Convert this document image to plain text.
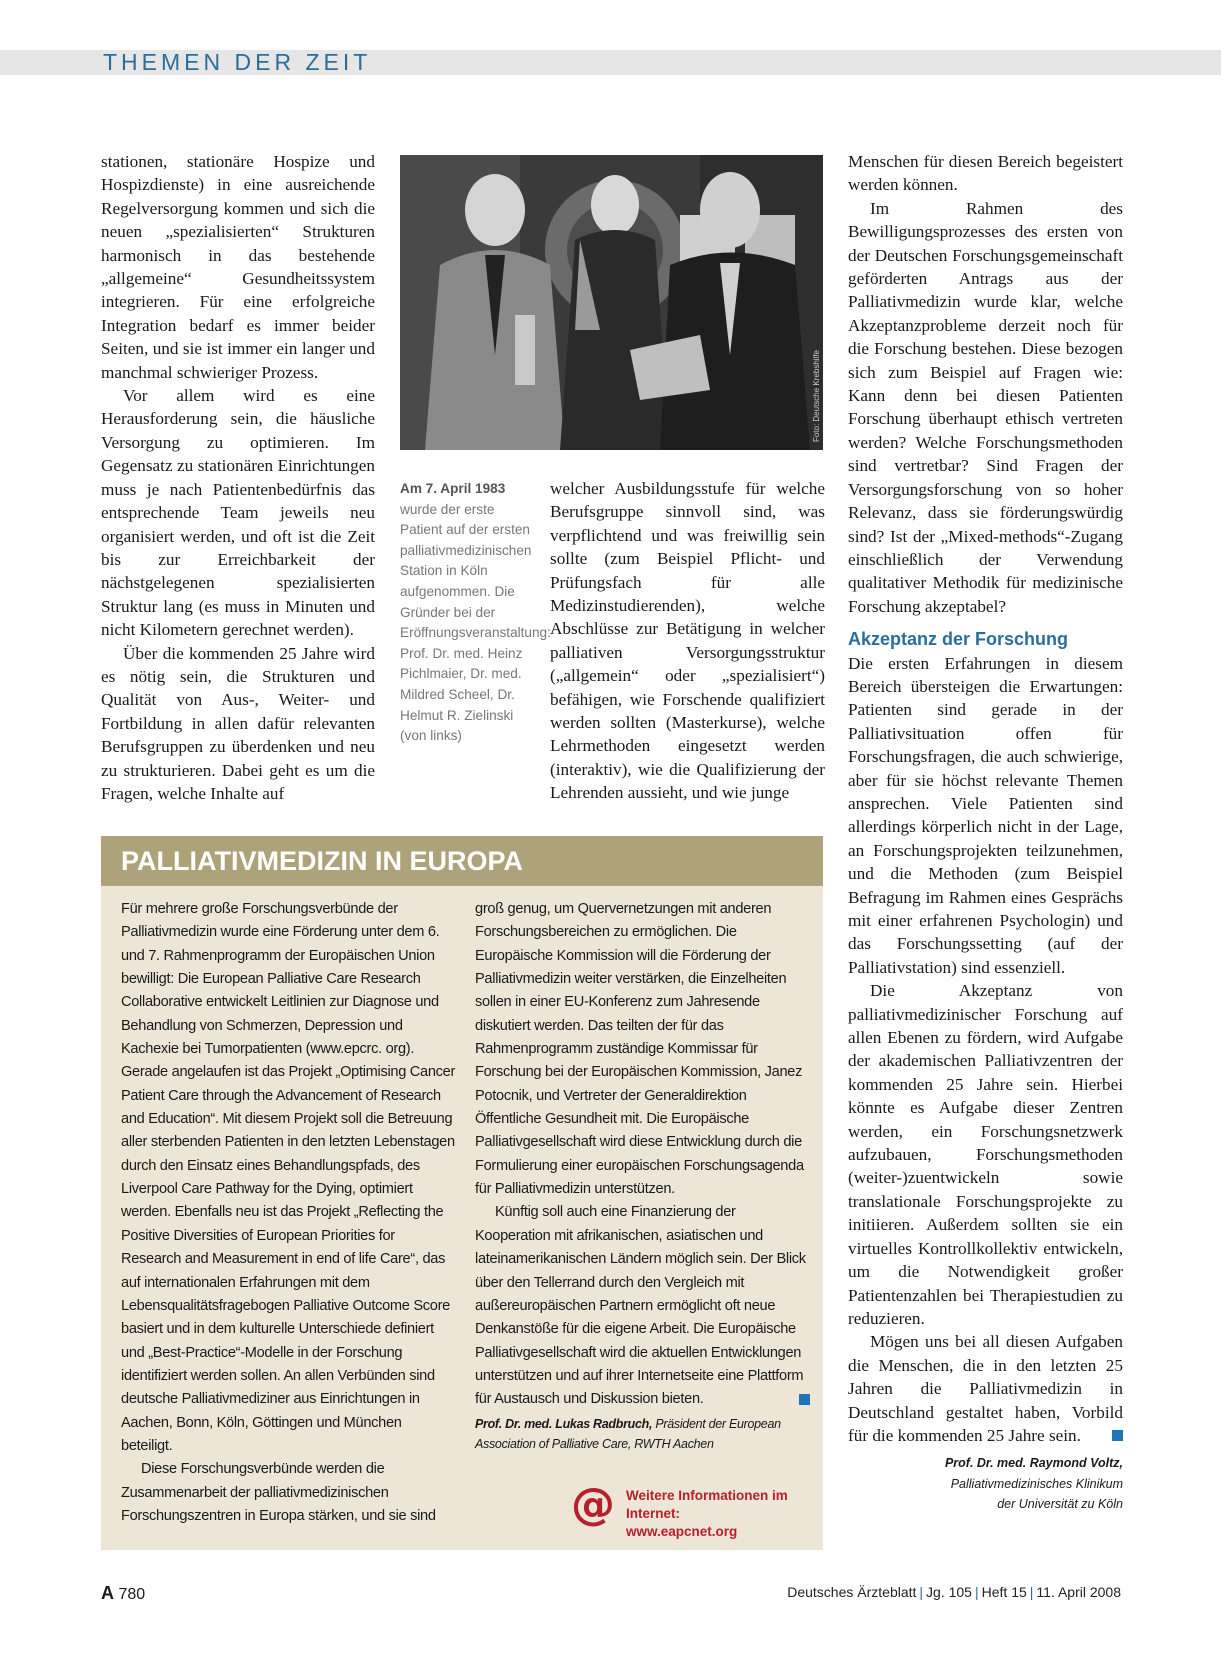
THEMEN DER ZEIT

stationen, stationäre Hospize und Hospizdienste) in eine ausreichende Regelversorgung kommen und sich die neuen „spezialisierten“ Strukturen harmonisch in das bestehende „allgemeine“ Gesundheitssystem integrieren. Für eine erfolgreiche Integration bedarf es immer beider Seiten, und sie ist immer ein langer und manchmal schwieriger Prozess.

Vor allem wird es eine Herausforderung sein, die häusliche Versorgung zu optimieren. Im Gegensatz zu stationären Einrichtungen muss je nach Patientenbedürfnis das entsprechende Team jeweils neu organisiert werden, und oft ist die Zeit bis zur Erreichbarkeit der nächstgelegenen spezialisierten Struktur lang (es muss in Minuten und nicht Kilometern gerechnet werden).

Über die kommenden 25 Jahre wird es nötig sein, die Strukturen und Qualität von Aus-, Weiter- und Fortbildung in allen dafür relevanten Berufsgruppen zu überdenken und neu zu strukturieren. Dabei geht es um die Fragen, welche Inhalte auf

Foto: Deutsche Krebshilfe
Am 7. April 1983 wurde der erste Patient auf der ersten palliativmedizinischen Station in Köln aufgenommen. Die Gründer bei der Eröffnungsveranstaltung: Prof. Dr. med. Heinz Pichlmaier, Dr. med. Mildred Scheel, Dr. Helmut R. Zielinski (von links)

welcher Ausbildungsstufe für welche Berufsgruppe sinnvoll sind, was verpflichtend und was freiwillig sein sollte (zum Beispiel Pflicht- und Prüfungsfach für alle Medizinstudierenden), welche Abschlüsse zur Betätigung in welcher palliativen Versorgungsstruktur („allgemein“ oder „spezialisiert“) befähigen, wie Forschende qualifiziert werden sollten (Masterkurse), welche Lehrmethoden eingesetzt werden (interaktiv), wie die Qualifizierung der Lehrenden aussieht, und wie junge

Menschen für diesen Bereich begeistert werden können.

Im Rahmen des Bewilligungsprozesses des ersten von der Deutschen Forschungsgemeinschaft geförderten Antrags aus der Palliativmedizin wurde klar, welche Akzeptanzprobleme derzeit noch für die Forschung bestehen. Diese bezogen sich zum Beispiel auf Fragen wie: Kann denn bei diesen Patienten Forschung überhaupt ethisch vertreten werden? Welche Forschungsmethoden sind vertretbar? Sind Fragen der Versorgungsforschung von so hoher Relevanz, dass sie förderungswürdig sind? Ist der „Mixed-methods“-Zugang einschließlich der Verwendung qualitativer Methodik für medizinische Forschung akzeptabel?

Akzeptanz der Forschung

Die ersten Erfahrungen in diesem Bereich übersteigen die Erwartungen: Patienten sind gerade in der Palliativsituation offen für Forschungsfragen, die auch schwierige, aber für sie höchst relevante Themen ansprechen. Viele Patienten sind allerdings körperlich nicht in der Lage, an Forschungsprojekten teilzunehmen, und die Methoden (zum Beispiel Befragung im Rahmen eines Gesprächs mit einer erfahrenen Psychologin) und das Forschungssetting (auf der Palliativstation) sind essenziell.

Die Akzeptanz von palliativmedizinischer Forschung auf allen Ebenen zu fördern, wird Aufgabe der akademischen Palliativzentren der kommenden 25 Jahre sein. Hierbei könnte es Aufgabe dieser Zentren werden, ein Forschungsnetzwerk aufzubauen, Forschungsmethoden (weiter-)zuentwickeln sowie translationale Forschungsprojekte zu initiieren. Außerdem sollten sie ein virtuelles Kontrollkollektiv entwickeln, um die Notwendigkeit großer Patientenzahlen bei Therapiestudien zu reduzieren.

Mögen uns bei all diesen Aufgaben die Menschen, die in den letzten 25 Jahren die Palliativmedizin in Deutschland gestaltet haben, Vorbild für die kommenden 25 Jahre sein.

Prof. Dr. med. Raymond Voltz,
Palliativmedizinisches Klinikum
der Universität zu Köln
PALLIATIVMEDIZIN IN EUROPA

Für mehrere große Forschungsverbünde der Palliativmedizin wurde eine Förderung unter dem 6. und 7. Rahmenprogramm der Europäischen Union bewilligt: Die European Palliative Care Research Collaborative entwickelt Leitlinien zur Diagnose und Behandlung von Schmerzen, Depression und Kachexie bei Tumorpatienten (www.epcrc. org). Gerade angelaufen ist das Projekt „Optimising Cancer Patient Care through the Advancement of Research and Education“. Mit diesem Projekt soll die Betreuung aller sterbenden Patienten in den letzten Lebenstagen durch den Einsatz eines Behandlungspfads, des Liverpool Care Pathway for the Dying, optimiert werden. Ebenfalls neu ist das Projekt „Reflecting the Positive Diversities of European Priorities for Research and Measurement in end of life Care“, das auf internationalen Erfahrungen mit dem Lebensqualitätsfragebogen Palliative Outcome Score basiert und in dem kulturelle Unterschiede definiert und „Best-Practice“-Modelle in der Forschung identifiziert werden sollen. An allen Verbünden sind deutsche Palliativmediziner aus Einrichtungen in Aachen, Bonn, Köln, Göttingen und München beteiligt.

Diese Forschungsverbünde werden die Zusammenarbeit der palliativmedizinischen Forschungszentren in Europa stärken, und sie sind

groß genug, um Quervernetzungen mit anderen Forschungsbereichen zu ermöglichen. Die Europäische Kommission will die Förderung der Palliativmedizin weiter verstärken, die Einzelheiten sollen in einer EU-Konferenz zum Jahresende diskutiert werden. Das teilten der für das Rahmenprogramm zuständige Kommissar für Forschung bei der Europäischen Kommission, Janez Potocnik, und Vertreter der Generaldirektion Öffentliche Gesundheit mit. Die Europäische Palliativgesellschaft wird diese Entwicklung durch die Formulierung einer europäischen Forschungsagenda für Palliativmedizin unterstützen.

Künftig soll auch eine Finanzierung der Kooperation mit afrikanischen, asiatischen und lateinamerikanischen Ländern möglich sein. Der Blick über den Tellerrand durch den Vergleich mit außereuropäischen Partnern ermöglicht oft neue Denkanstöße für die eigene Arbeit. Die Europäische Palliativgesellschaft wird die aktuellen Entwicklungen unterstützen und auf ihrer Internetseite eine Plattform für Austausch und Diskussion bieten.

Prof. Dr. med. Lukas Radbruch, Präsident der European Association of Palliative Care, RWTH Aachen
@ Weitere Informationen im Internet:
www.eapcnet.org
A 780	Deutsches Ärzteblatt | Jg. 105 | Heft 15 | 11. April 2008
